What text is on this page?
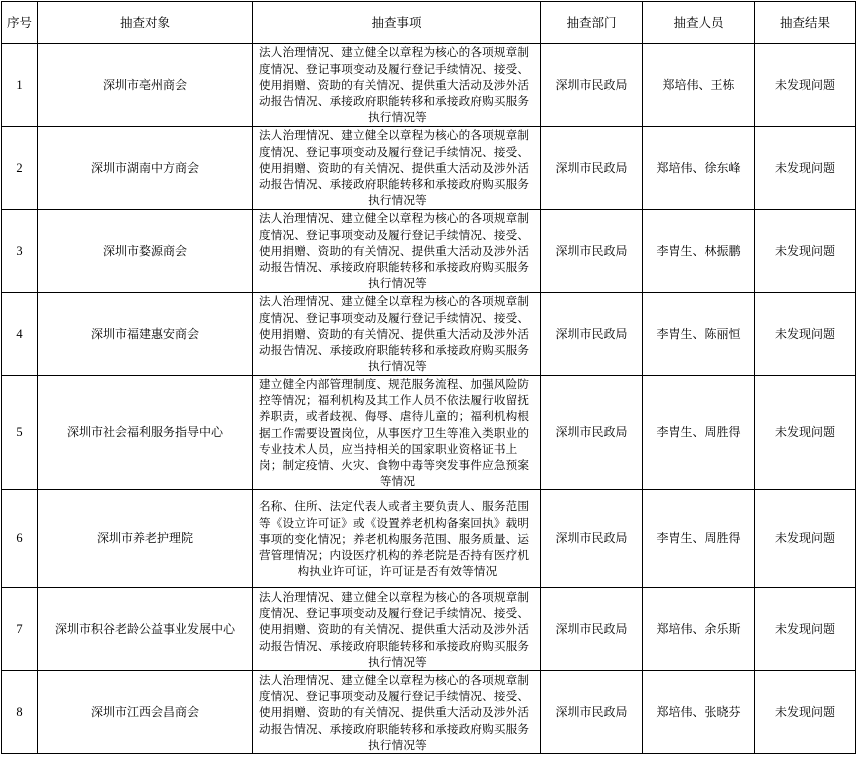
序号	抽查对象	抽查事项	抽查部门	抽查人员	抽查结果
1	深圳市亳州商会	法人治理情况、建立健全以章程为核心的各项规章制度情况、登记事项变动及履行登记手续情况、接受、使用捐赠、资助的有关情况、提供重大活动及涉外活动报告情况、承接政府职能转移和承接政府购买服务执行情况等	深圳市民政局	郑培伟、王栋	未发现问题
2	深圳市湖南中方商会	法人治理情况、建立健全以章程为核心的各项规章制度情况、登记事项变动及履行登记手续情况、接受、使用捐赠、资助的有关情况、提供重大活动及涉外活动报告情况、承接政府职能转移和承接政府购买服务执行情况等	深圳市民政局	郑培伟、徐东峰	未发现问题
3	深圳市婺源商会	法人治理情况、建立健全以章程为核心的各项规章制度情况、登记事项变动及履行登记手续情况、接受、使用捐赠、资助的有关情况、提供重大活动及涉外活动报告情况、承接政府职能转移和承接政府购买服务执行情况等	深圳市民政局	李胄生、林振鹏	未发现问题
4	深圳市福建惠安商会	法人治理情况、建立健全以章程为核心的各项规章制度情况、登记事项变动及履行登记手续情况、接受、使用捐赠、资助的有关情况、提供重大活动及涉外活动报告情况、承接政府职能转移和承接政府购买服务执行情况等	深圳市民政局	李胄生、陈丽恒	未发现问题
5	深圳市社会福利服务指导中心	建立健全内部管理制度、规范服务流程、加强风险防控等情况；福利机构及其工作人员不依法履行收留抚养职责，或者歧视、侮辱、虐待儿童的；福利机构根据工作需要设置岗位，从事医疗卫生等准入类职业的专业技术人员，应当持相关的国家职业资格证书上岗；制定疫情、火灾、食物中毒等突发事件应急预案等情况	深圳市民政局	李胄生、周胜得	未发现问题
6	深圳市养老护理院	名称、住所、法定代表人或者主要负责人、服务范围等《设立许可证》或《设置养老机构备案回执》载明事项的变化情况；养老机构服务范围、服务质量、运营管理情况；内设医疗机构的养老院是否持有医疗机构执业许可证，许可证是否有效等情况	深圳市民政局	李胄生、周胜得	未发现问题
7	深圳市积谷老龄公益事业发展中心	法人治理情况、建立健全以章程为核心的各项规章制度情况、登记事项变动及履行登记手续情况、接受、使用捐赠、资助的有关情况、提供重大活动及涉外活动报告情况、承接政府职能转移和承接政府购买服务执行情况等	深圳市民政局	郑培伟、余乐斯	未发现问题
8	深圳市江西会昌商会	法人治理情况、建立健全以章程为核心的各项规章制度情况、登记事项变动及履行登记手续情况、接受、使用捐赠、资助的有关情况、提供重大活动及涉外活动报告情况、承接政府职能转移和承接政府购买服务执行情况等	深圳市民政局	郑培伟、张晓芬	未发现问题
